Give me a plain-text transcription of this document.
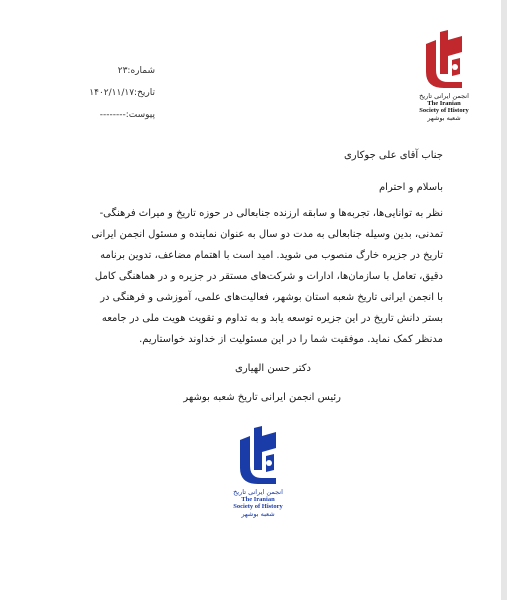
انجمن ایرانی تاریخ
The Iranian
Society of History
شعبه بوشهر
شماره:۲۳
تاریخ:۱۴۰۲/۱۱/۱۷
پیوست:--------
جناب آقای علی جوکاری
باسلام و احترام
نظر به توانایی‌ها، تجربه‌ها و سابقه ارزنده جنابعالی در حوزه تاریخ و میراث فرهنگی-
تمدنی، بدین وسیله جنابعالی به مدت دو سال به عنوان نماینده و مسئول انجمن ایرانی
تاریخ در جزیره خارگ منصوب می شوید. امید است با اهتمام مضاعف، تدوین برنامه
دقیق، تعامل با سازمان‌ها، ادارات و شرکت‌های مستقر در جزیره و در هماهنگی کامل
با انجمن ایرانی تاریخ شعبه استان بوشهر، فعالیت‌های علمی، آموزشی و فرهنگی در
بستر دانش تاریخ در این جزیره توسعه یابد و به تداوم و تقویت هویت ملی در جامعه
مدنظر کمک نماید. موفقیت شما را در این مسئولیت از خداوند خواستاریم.
دکتر حسن الهیاری
رئیس انجمن ایرانی تاریخ شعبه بوشهر
انجمن ایرانی تاریخ
The Iranian
Society of History
شعبه بوشهر
